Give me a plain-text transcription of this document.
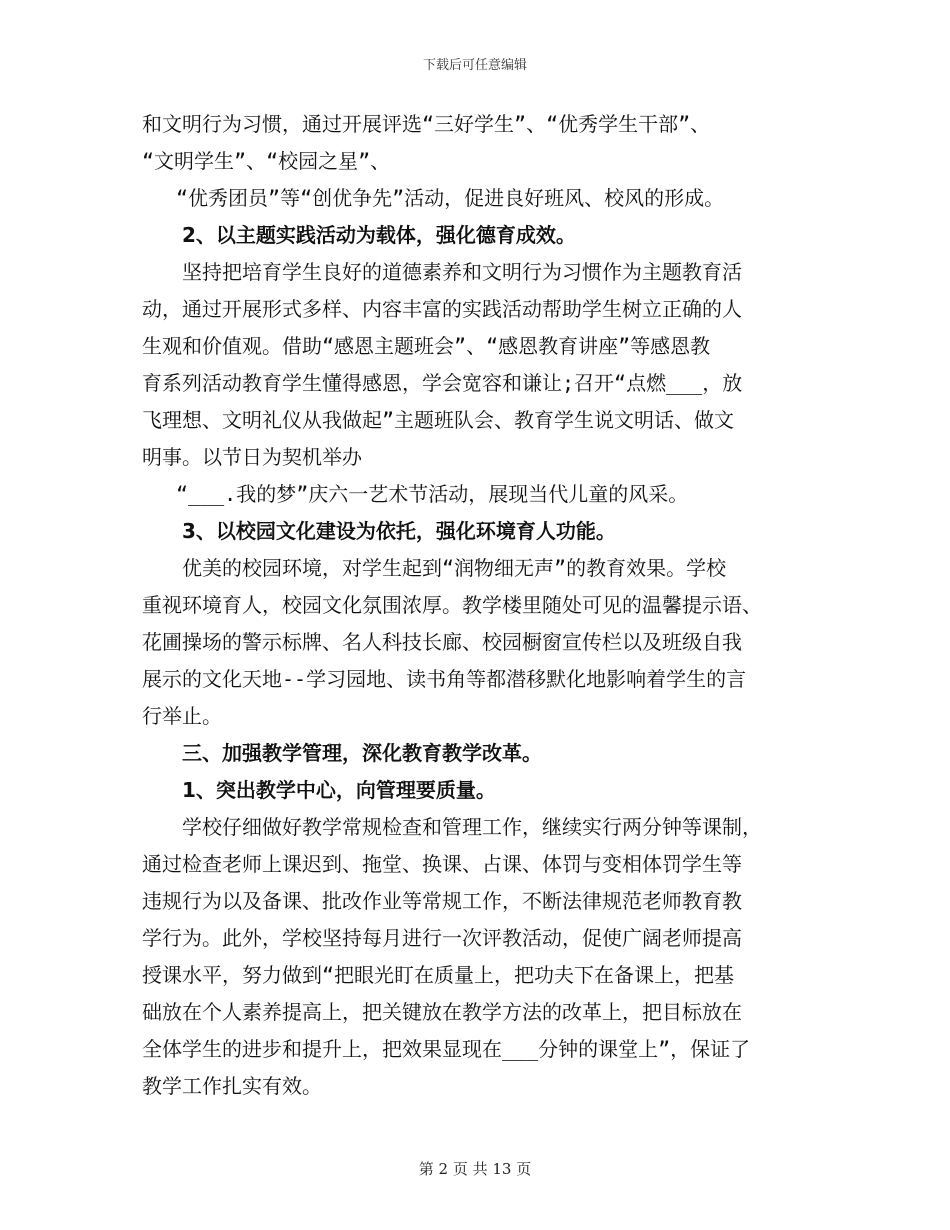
下载后可任意编辑
和文明行为习惯，通过开展评选“三好学生”、“优秀学生干部”、
“文明学生”、“校园之星”、
“优秀团员”等“创优争先”活动，促进良好班风、校风的形成。
2、以主题实践活动为载体，强化德育成效。
坚持把培育学生良好的道德素养和文明行为习惯作为主题教育活
动，通过开展形式多样、内容丰富的实践活动帮助学生树立正确的人
生观和价值观。借助“感恩主题班会”、“感恩教育讲座”等感恩教
育系列活动教育学生懂得感恩，学会宽容和谦让;召开“点燃___，放
飞理想、文明礼仪从我做起”主题班队会、教育学生说文明话、做文
明事。以节日为契机举办
“___.我的梦”庆六一艺术节活动，展现当代儿童的风采。
3、以校园文化建设为依托，强化环境育人功能。
优美的校园环境，对学生起到“润物细无声”的教育效果。学校
重视环境育人，校园文化氛围浓厚。教学楼里随处可见的温馨提示语、
花圃操场的警示标牌、名人科技长廊、校园橱窗宣传栏以及班级自我
展示的文化天地--学习园地、读书角等都潜移默化地影响着学生的言
行举止。
三、加强教学管理，深化教育教学改革。
1、突出教学中心，向管理要质量。
学校仔细做好教学常规检查和管理工作，继续实行两分钟等课制，
通过检查老师上课迟到、拖堂、换课、占课、体罚与变相体罚学生等
违规行为以及备课、批改作业等常规工作，不断法律规范老师教育教
学行为。此外，学校坚持每月进行一次评教活动，促使广阔老师提高
授课水平，努力做到“把眼光盯在质量上，把功夫下在备课上，把基
础放在个人素养提高上，把关键放在教学方法的改革上，把目标放在
全体学生的进步和提升上，把效果显现在___分钟的课堂上”，保证了
教学工作扎实有效。
第 2 页 共 13 页
